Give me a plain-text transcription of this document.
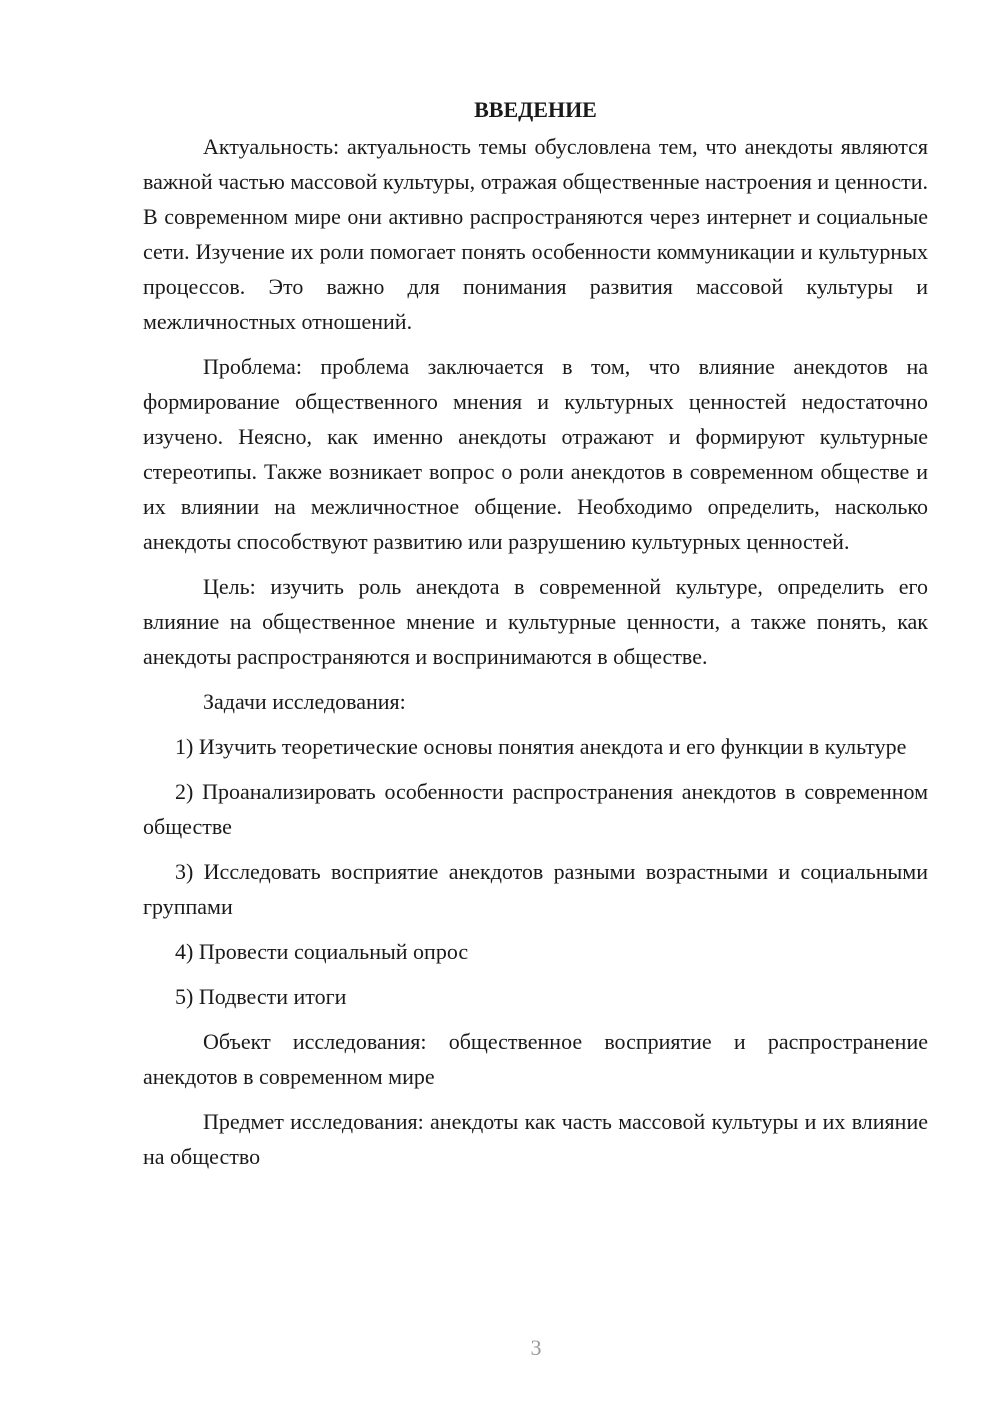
ВВЕДЕНИЕ

Актуальность: актуальность темы обусловлена тем, что анекдоты являются важной частью массовой культуры, отражая общественные настроения и ценности. В современном мире они активно распространяются через интернет и социальные сети. Изучение их роли помогает понять особенности коммуникации и культурных процессов. Это важно для понимания развития массовой культуры и межличностных отношений.

Проблема: проблема заключается в том, что влияние анекдотов на формирование общественного мнения и культурных ценностей недостаточно изучено. Неясно, как именно анекдоты отражают и формируют культурные стереотипы. Также возникает вопрос о роли анекдотов в современном обществе и их влиянии на межличностное общение. Необходимо определить, насколько анекдоты способствуют развитию или разрушению культурных ценностей.

Цель: изучить роль анекдота в современной культуре, определить его влияние на общественное мнение и культурные ценности, а также понять, как анекдоты распространяются и воспринимаются в обществе.

Задачи исследования:

1) Изучить теоретические основы понятия анекдота и его функции в культуре

2) Проанализировать особенности распространения анекдотов в современном обществе

3) Исследовать восприятие анекдотов разными возрастными и социальными группами

4) Провести социальный опрос

5) Подвести итоги

Объект исследования: общественное восприятие и распространение анекдотов в современном мире

Предмет исследования: анекдоты как часть массовой культуры и их влияние на общество

3
